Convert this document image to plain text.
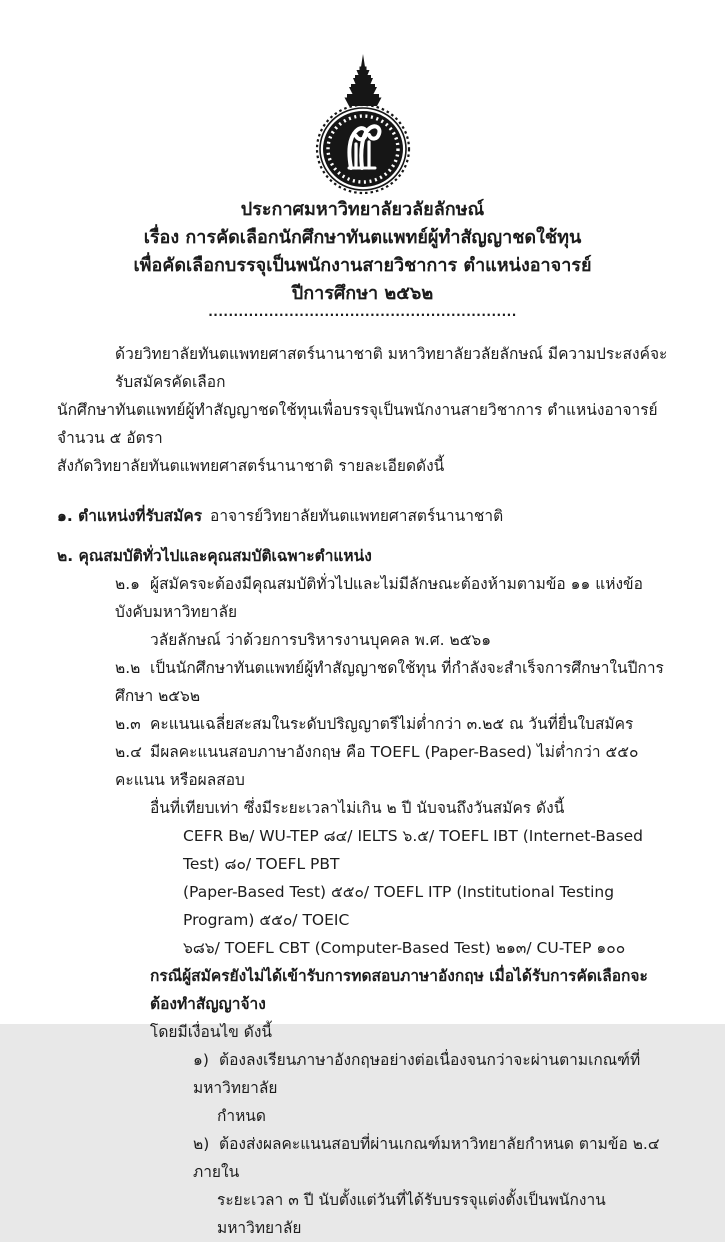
ประกาศมหาวิทยาลัยวลัยลักษณ์
เรื่อง การคัดเลือกนักศึกษาทันตแพทย์ผู้ทำสัญญาชดใช้ทุน
เพื่อคัดเลือกบรรจุเป็นพนักงานสายวิชาการ ตำแหน่งอาจารย์
ปีการศึกษา ๒๕๖๒
.............................................................
ด้วยวิทยาลัยทันตแพทยศาสตร์นานาชาติ มหาวิทยาลัยวลัยลักษณ์ มีความประสงค์จะรับสมัครคัดเลือก
นักศึกษาทันตแพทย์ผู้ทำสัญญาชดใช้ทุนเพื่อบรรจุเป็นพนักงานสายวิชาการ ตำแหน่งอาจารย์ จำนวน ๕ อัตรา
สังกัดวิทยาลัยทันตแพทยศาสตร์นานาชาติ รายละเอียดดังนี้
๑. ตำแหน่งที่รับสมัคร อาจารย์วิทยาลัยทันตแพทยศาสตร์นานาชาติ
๒. คุณสมบัติทั่วไปและคุณสมบัติเฉพาะตำแหน่ง
๒.๑ ผู้สมัครจะต้องมีคุณสมบัติทั่วไปและไม่มีลักษณะต้องห้ามตามข้อ ๑๑ แห่งข้อบังคับมหาวิทยาลัย
วลัยลักษณ์ ว่าด้วยการบริหารงานบุคคล พ.ศ. ๒๕๖๑
๒.๒ เป็นนักศึกษาทันตแพทย์ผู้ทำสัญญาชดใช้ทุน ที่กำลังจะสำเร็จการศึกษาในปีการศึกษา ๒๕๖๒
๒.๓ คะแนนเฉลี่ยสะสมในระดับปริญญาตรีไม่ต่ำกว่า ๓.๒๕ ณ วันที่ยื่นใบสมัคร
๒.๔ มีผลคะแนนสอบภาษาอังกฤษ คือ TOEFL (Paper-Based) ไม่ต่ำกว่า ๕๕๐ คะแนน หรือผลสอบ
อื่นที่เทียบเท่า ซึ่งมีระยะเวลาไม่เกิน ๒ ปี นับจนถึงวันสมัคร ดังนี้
CEFR B๒/ WU-TEP ๘๔/ IELTS ๖.๕/ TOEFL IBT (Internet-Based Test) ๘๐/ TOEFL PBT
(Paper-Based Test) ๕๕๐/ TOEFL ITP (Institutional Testing Program) ๕๕๐/ TOEIC
๖๘๖/ TOEFL CBT (Computer-Based Test) ๒๑๓/ CU-TEP ๑๐๐
กรณีผู้สมัครยังไม่ได้เข้ารับการทดสอบภาษาอังกฤษ เมื่อได้รับการคัดเลือกจะต้องทำสัญญาจ้าง
โดยมีเงื่อนไข ดังนี้
๑) ต้องลงเรียนภาษาอังกฤษอย่างต่อเนื่องจนกว่าจะผ่านตามเกณฑ์ที่มหาวิทยาลัย
กำหนด
๒) ต้องส่งผลคะแนนสอบที่ผ่านเกณฑ์มหาวิทยาลัยกำหนด ตามข้อ ๒.๔ ภายใน
ระยะเวลา ๓ ปี นับตั้งแต่วันที่ได้รับบรรจุแต่งตั้งเป็นพนักงานมหาวิทยาลัย
